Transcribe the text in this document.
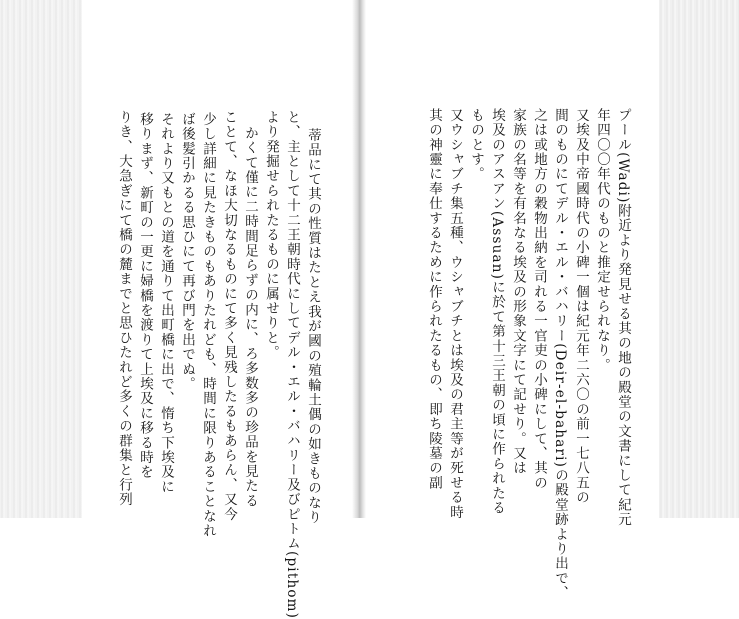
蒂品にて其の性質はたとえ我が國の殖輪土偶の如きものなり
と、主として十二王朝時代にしてデル・エル・バハリー及びピトム(pithom)
より発掘せられたるものに属せりと。
かくて僅に二時間足らずの内に、ろ多数多の珍品を見たる
ことて、なほ大切なるものにて多く見残したるもあらん、又今
少し詳細に見たきものもありたれども、時間に限りあることなれ
ば後髪引かるる思ひにて再び門を出でぬ。
それより又もとの道を通りて出町橋に出で、惰ち下埃及に
移りまず、新町の一更に婦橋を渡りて上埃及に移る時を
りき、大急ぎにて橋の麓までと思ひたれど多くの群集と行列	プール(Wadi)附近より発見せる其の地の殿堂の文書にして紀元
年四〇〇年代のものと推定せられなり。
又埃及中帝國時代の小碑一個は紀元年二六〇の前一七八五の
間のものにてデル・エル・バハリー(Deir-el-bahari)の殿堂跡より出で、
之は或地方の穀物出納を司れる一官吏の小碑にして、其の
家族の名等を有名なる埃及の形象文字にて記せり。又は
埃及のアスアン(Assuan)に於て第十三王朝の頃に作られたる
ものとす。
又ウシャブチ集五種、ウシャブチとは埃及の君主等が死せる時
其の神靈に奉仕するために作られたるもの、即ち陵墓の副
